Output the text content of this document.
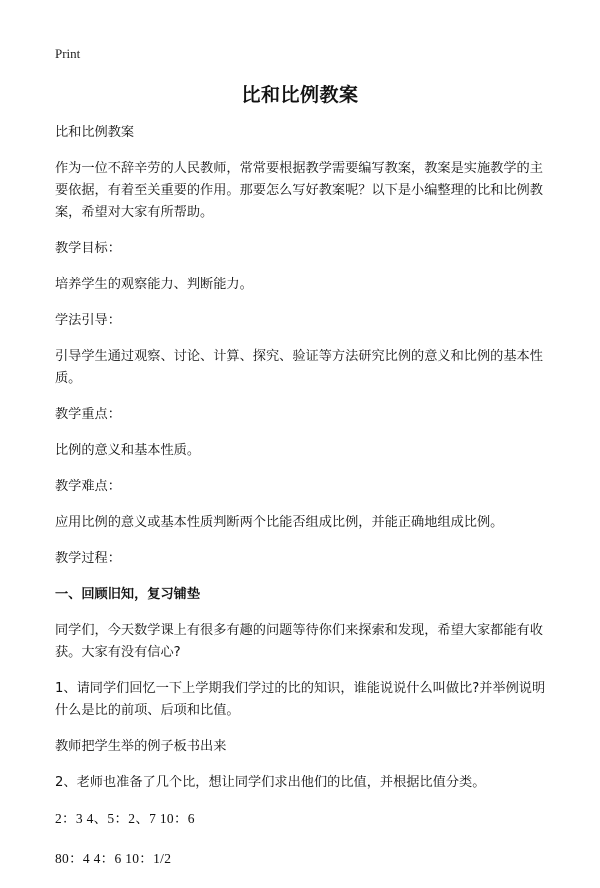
Print
比和比例教案

比和比例教案

作为一位不辞辛劳的人民教师，常常要根据教学需要编写教案，教案是实施教学的主要依据，有着至关重要的作用。那要怎么写好教案呢？以下是小编整理的比和比例教案，希望对大家有所帮助。

教学目标：

培养学生的观察能力、判断能力。

学法引导：

引导学生通过观察、讨论、计算、探究、验证等方法研究比例的意义和比例的基本性质。

教学重点：

比例的意义和基本性质。

教学难点：

应用比例的意义或基本性质判断两个比能否组成比例，并能正确地组成比例。

教学过程：

一、回顾旧知，复习铺垫

同学们，今天数学课上有很多有趣的问题等待你们来探索和发现，希望大家都能有收获。大家有没有信心?

1、请同学们回忆一下上学期我们学过的比的知识，谁能说说什么叫做比?并举例说明什么是比的前项、后项和比值。

教师把学生举的例子板书出来

2、老师也准备了几个比，想让同学们求出他们的比值，并根据比值分类。

2：3 4、5：2、7 10：6

80：4 4：6 10：1/2
